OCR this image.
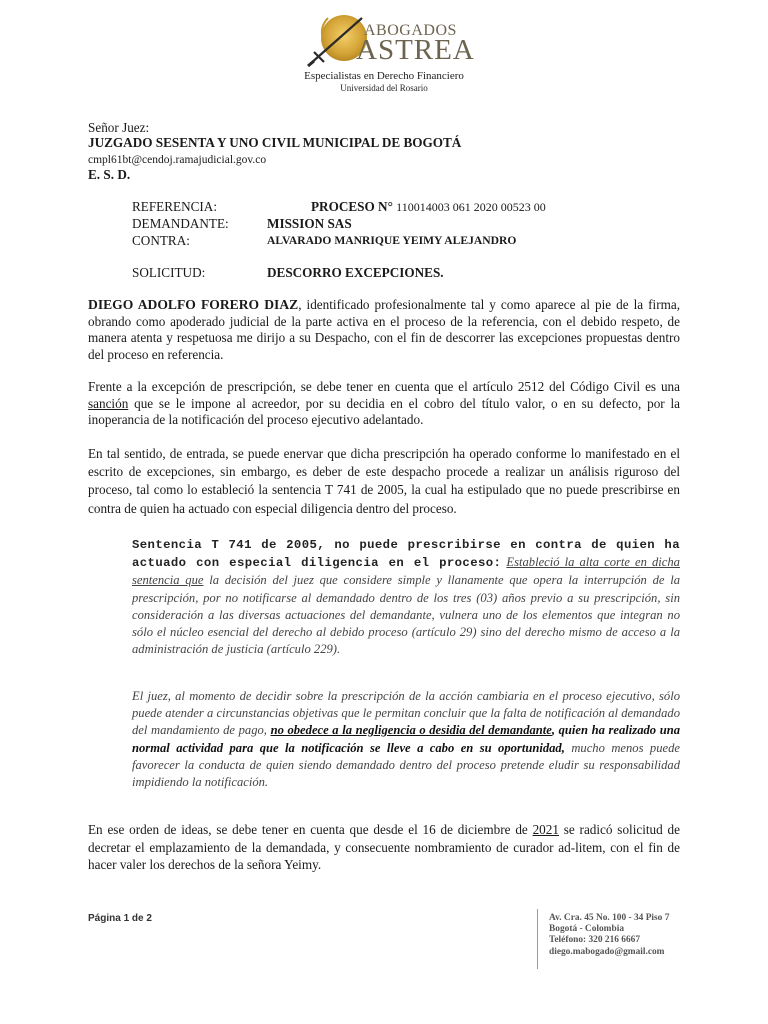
ABOGADOS
ASTREA
Especialistas en Derecho Financiero
Universidad del Rosario
Señor Juez:
JUZGADO SESENTA Y UNO CIVIL MUNICIPAL DE BOGOTÁ
cmpl61bt@cendoj.ramajudicial.gov.co
E. S. D.
REFERENCIA:	PROCESO N° 110014003 061 2020 00523 00
DEMANDANTE:	MISSION SAS
CONTRA:	ALVARADO MANRIQUE YEIMY ALEJANDRO
SOLICITUD:	DESCORRO EXCEPCIONES.
DIEGO ADOLFO FORERO DIAZ, identificado profesionalmente tal y como aparece al pie de la firma, obrando como apoderado judicial de la parte activa en el proceso de la referencia, con el debido respeto, de manera atenta y respetuosa me dirijo a su Despacho, con el fin de descorrer las excepciones propuestas dentro del proceso en referencia.
Frente a la excepción de prescripción, se debe tener en cuenta que el artículo 2512 del Código Civil es una sanción que se le impone al acreedor, por su decidia en el cobro del título valor, o en su defecto, por la inoperancia de la notificación del proceso ejecutivo adelantado.
En tal sentido, de entrada, se puede enervar que dicha prescripción ha operado conforme lo manifestado en el escrito de excepciones, sin embargo, es deber de este despacho procede a realizar un análisis riguroso del proceso, tal como lo estableció la sentencia T 741 de 2005, la cual ha estipulado que no puede prescribirse en contra de quien ha actuado con especial diligencia dentro del proceso.
Sentencia T 741 de 2005, no puede prescribirse en contra de quien ha actuado con especial diligencia en el proceso: Estableció la alta corte en dicha sentencia que la decisión del juez que considere simple y llanamente que opera la interrupción de la prescripción, por no notificarse al demandado dentro de los tres (03) años previo a su prescripción, sin consideración a las diversas actuaciones del demandante, vulnera uno de los elementos que integran no sólo el núcleo esencial del derecho al debido proceso (artículo 29) sino del derecho mismo de acceso a la administración de justicia (artículo 229).
El juez, al momento de decidir sobre la prescripción de la acción cambiaria en el proceso ejecutivo, sólo puede atender a circunstancias objetivas que le permitan concluir que la falta de notificación al demandado del mandamiento de pago, no obedece a la negligencia o desidia del demandante, quien ha realizado una normal actividad para que la notificación se lleve a cabo en su oportunidad, mucho menos puede favorecer la conducta de quien siendo demandado dentro del proceso pretende eludir su responsabilidad impidiendo la notificación.
En ese orden de ideas, se debe tener en cuenta que desde el 16 de diciembre de 2021 se radicó solicitud de decretar el emplazamiento de la demandada, y consecuente nombramiento de curador ad-litem, con el fin de hacer valer los derechos de la señora Yeimy.
Página 1 de 2	Av. Cra. 45 No. 100 - 34 Piso 7
Bogotá - Colombia
Teléfono: 320 216 6667
diego.mabogado@gmail.com
